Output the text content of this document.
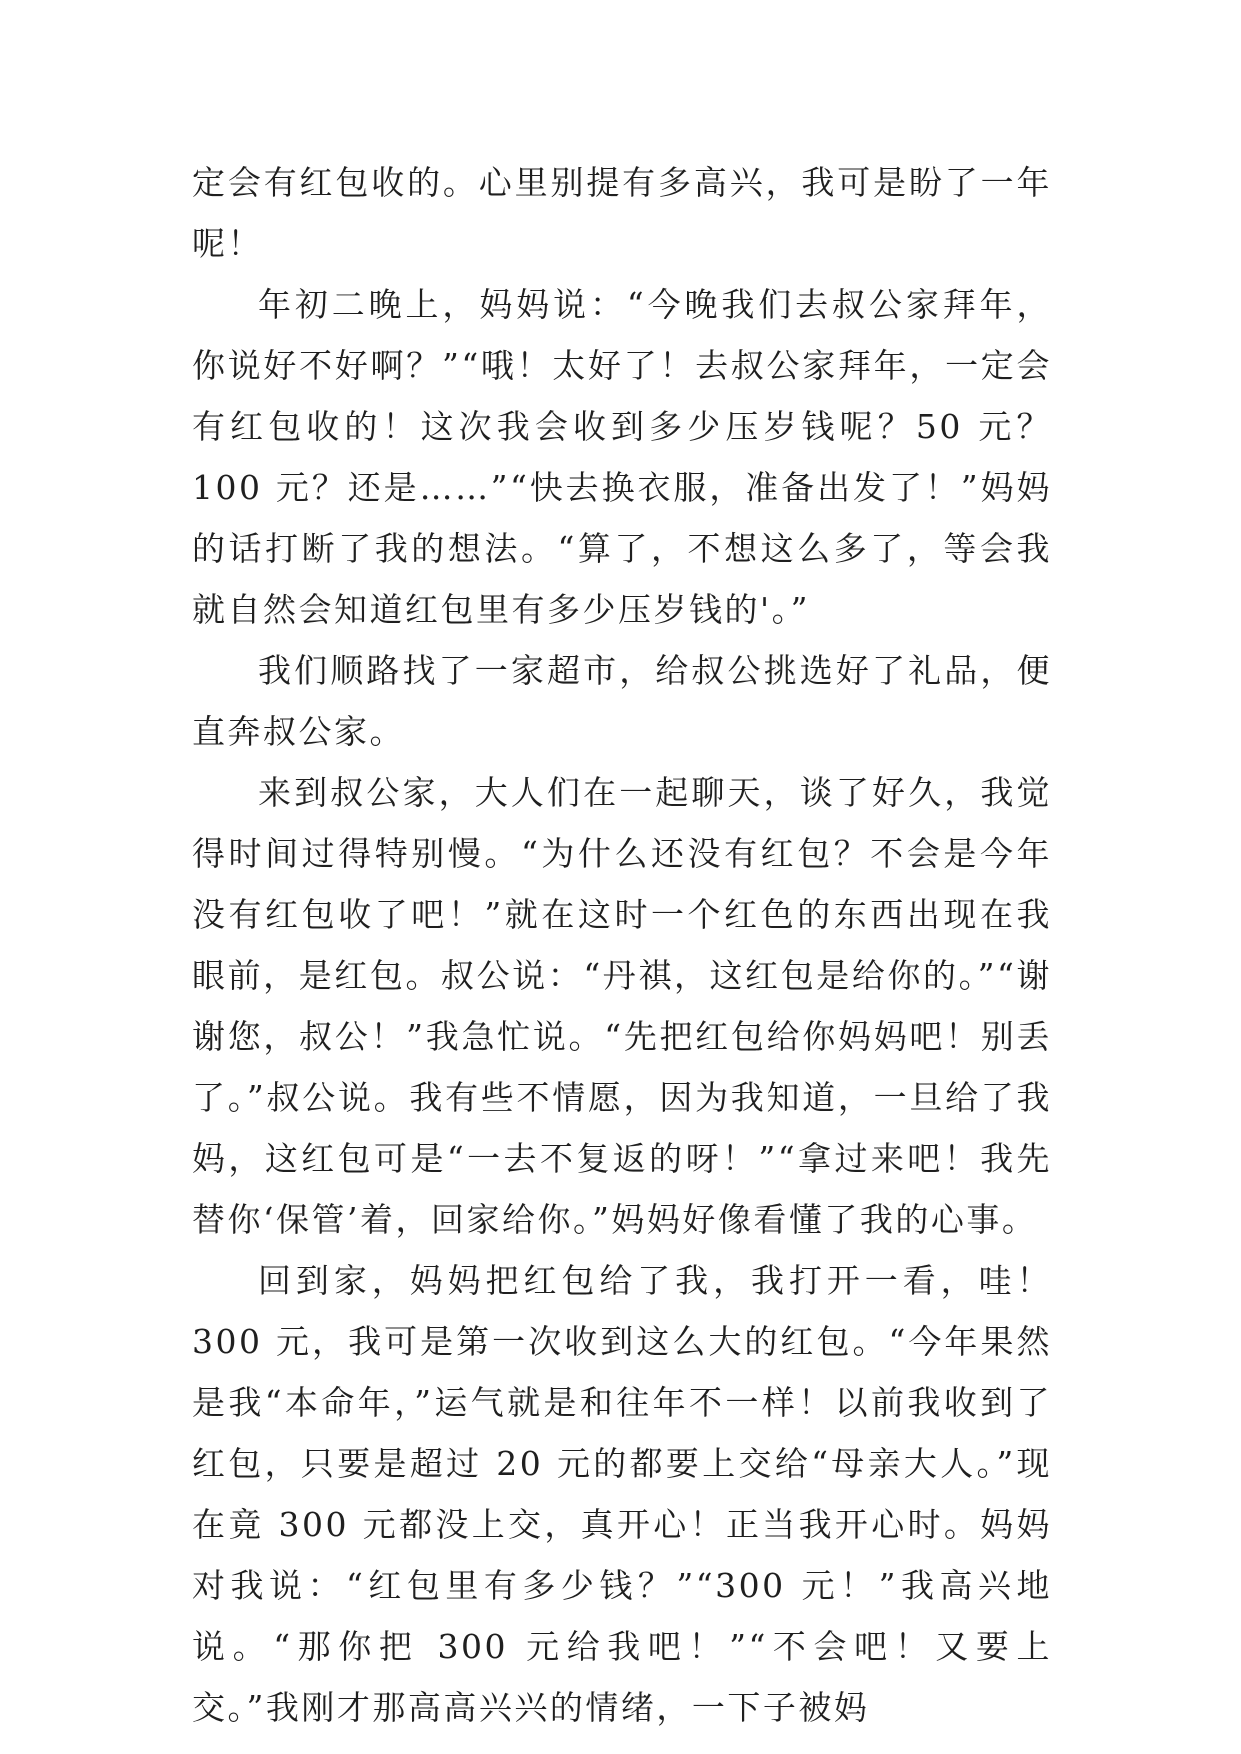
定会有红包收的。心里别提有多高兴，我可是盼了一年呢！

年初二晚上，妈妈说：“今晚我们去叔公家拜年，你说好不好啊？”“哦！太好了！去叔公家拜年，一定会有红包收的！这次我会收到多少压岁钱呢？50 元？100 元？还是……”“快去换衣服，准备出发了！”妈妈的话打断了我的想法。“算了，不想这么多了，等会我就自然会知道红包里有多少压岁钱的'。”

我们顺路找了一家超市，给叔公挑选好了礼品，便直奔叔公家。

来到叔公家，大人们在一起聊天，谈了好久，我觉得时间过得特别慢。“为什么还没有红包？不会是今年没有红包收了吧！”就在这时一个红色的东西出现在我眼前，是红包。叔公说：“丹祺，这红包是给你的。”“谢谢您，叔公！”我急忙说。“先把红包给你妈妈吧！别丢了。”叔公说。我有些不情愿，因为我知道，一旦给了我妈，这红包可是“一去不复返的呀！”“拿过来吧！我先替你‘保管’着，回家给你。”妈妈好像看懂了我的心事。

回到家，妈妈把红包给了我，我打开一看，哇！300 元，我可是第一次收到这么大的红包。“今年果然是我“本命年，”运气就是和往年不一样！以前我收到了红包，只要是超过 20 元的都要上交给“母亲大人。”现在竟 300 元都没上交，真开心！正当我开心时。妈妈对我说：“红包里有多少钱？”“300 元！”我高兴地说。“那你把 300 元给我吧！”“不会吧！又要上交。”我刚才那高高兴兴的情绪，一下子被妈
